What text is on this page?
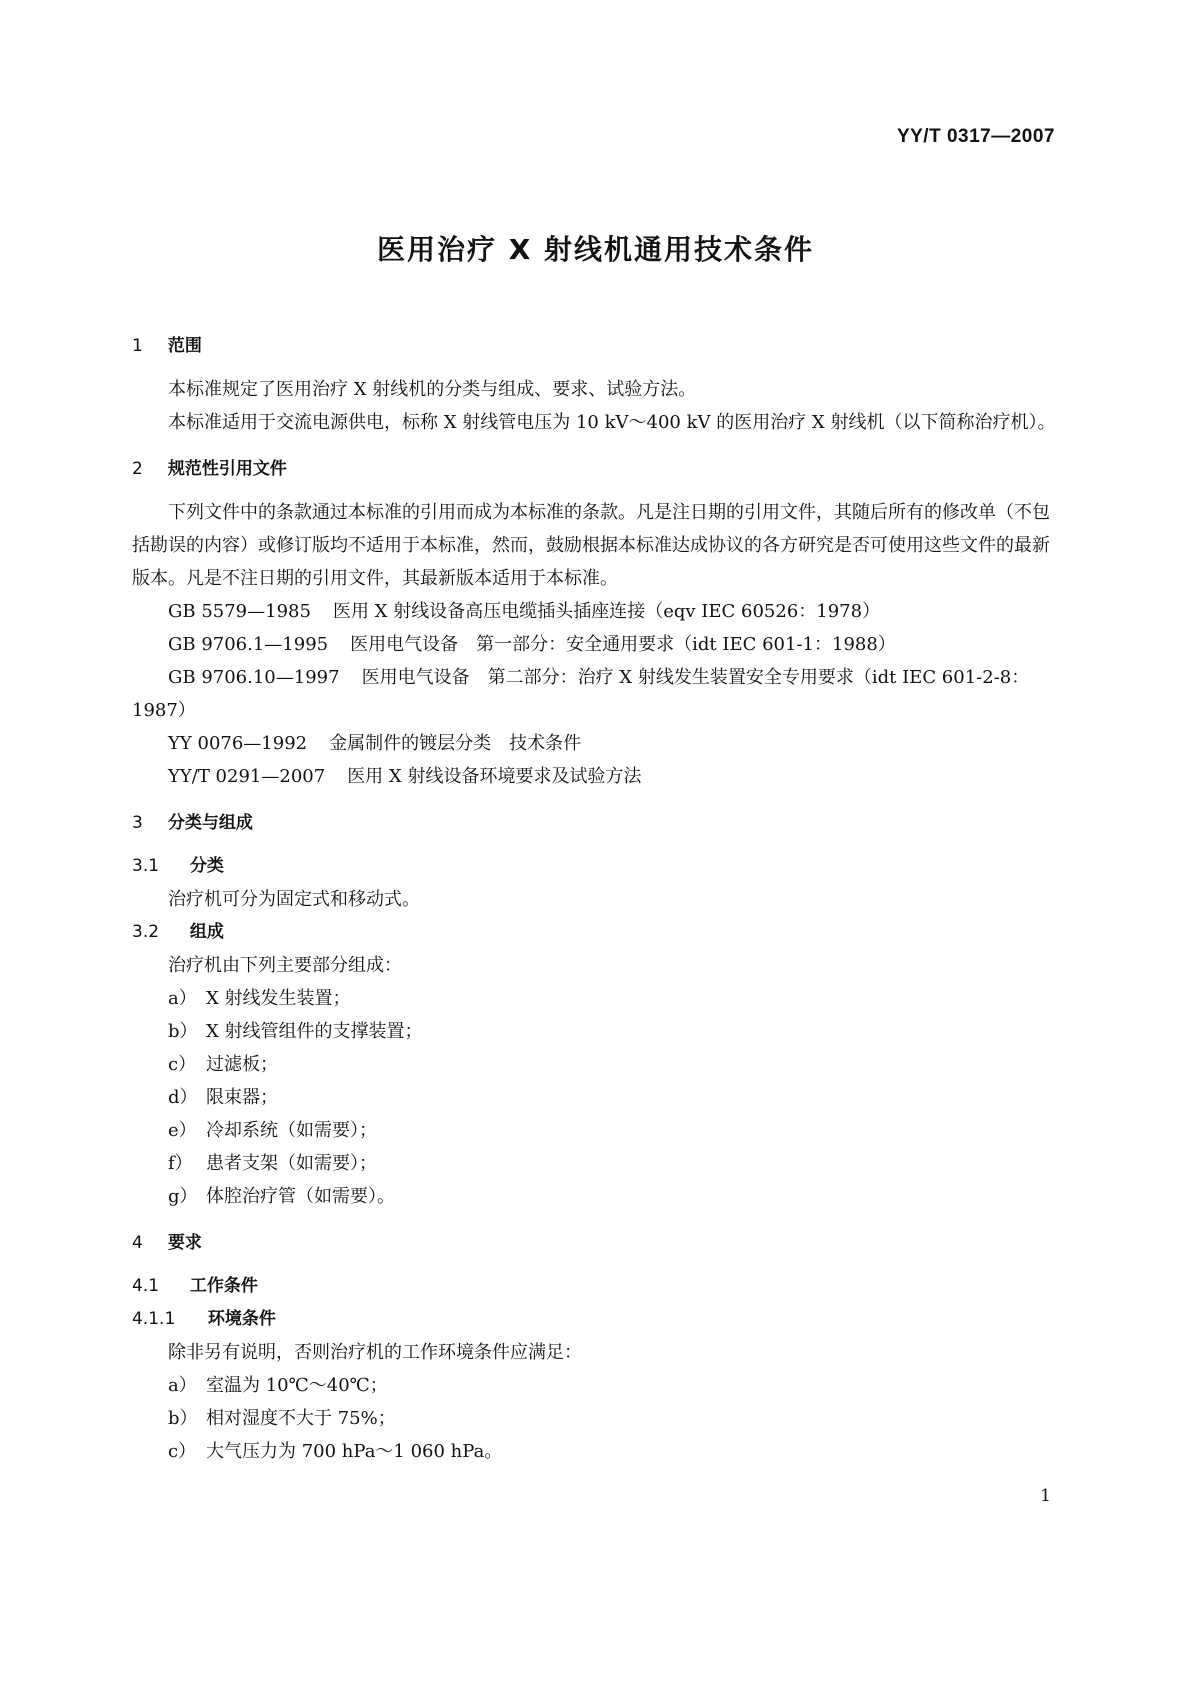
YY/T 0317—2007
医用治疗 X 射线机通用技术条件
1 范围

本标准规定了医用治疗 X 射线机的分类与组成、要求、试验方法。

本标准适用于交流电源供电，标称 X 射线管电压为 10 kV～400 kV 的医用治疗 X 射线机（以下简称治疗机）。

2 规范性引用文件

下列文件中的条款通过本标准的引用而成为本标准的条款。凡是注日期的引用文件，其随后所有的修改单（不包括勘误的内容）或修订版均不适用于本标准，然而，鼓励根据本标准达成协议的各方研究是否可使用这些文件的最新版本。凡是不注日期的引用文件，其最新版本适用于本标准。

GB 5579—1985 医用 X 射线设备高压电缆插头插座连接（eqv IEC 60526：1978）
GB 9706.1—1995 医用电气设备　第一部分：安全通用要求（idt IEC 601-1：1988）
GB 9706.10—1997 医用电气设备　第二部分：治疗 X 射线发生装置安全专用要求（idt IEC 601-2-8：1987）
YY 0076—1992 金属制件的镀层分类　技术条件
YY/T 0291—2007 医用 X 射线设备环境要求及试验方法
3 分类与组成
3.1 分类

治疗机可分为固定式和移动式。

3.2 组成

治疗机由下列主要部分组成：

a） X 射线发生装置；
b） X 射线管组件的支撑装置；
c） 过滤板；
d） 限束器；
e） 冷却系统（如需要）；
f） 患者支架（如需要）；
g） 体腔治疗管（如需要）。
4 要求
4.1 工作条件
4.1.1 环境条件

除非另有说明，否则治疗机的工作环境条件应满足：

a） 室温为 10℃～40℃；
b） 相对湿度不大于 75%；
c） 大气压力为 700 hPa～1 060 hPa。
1
